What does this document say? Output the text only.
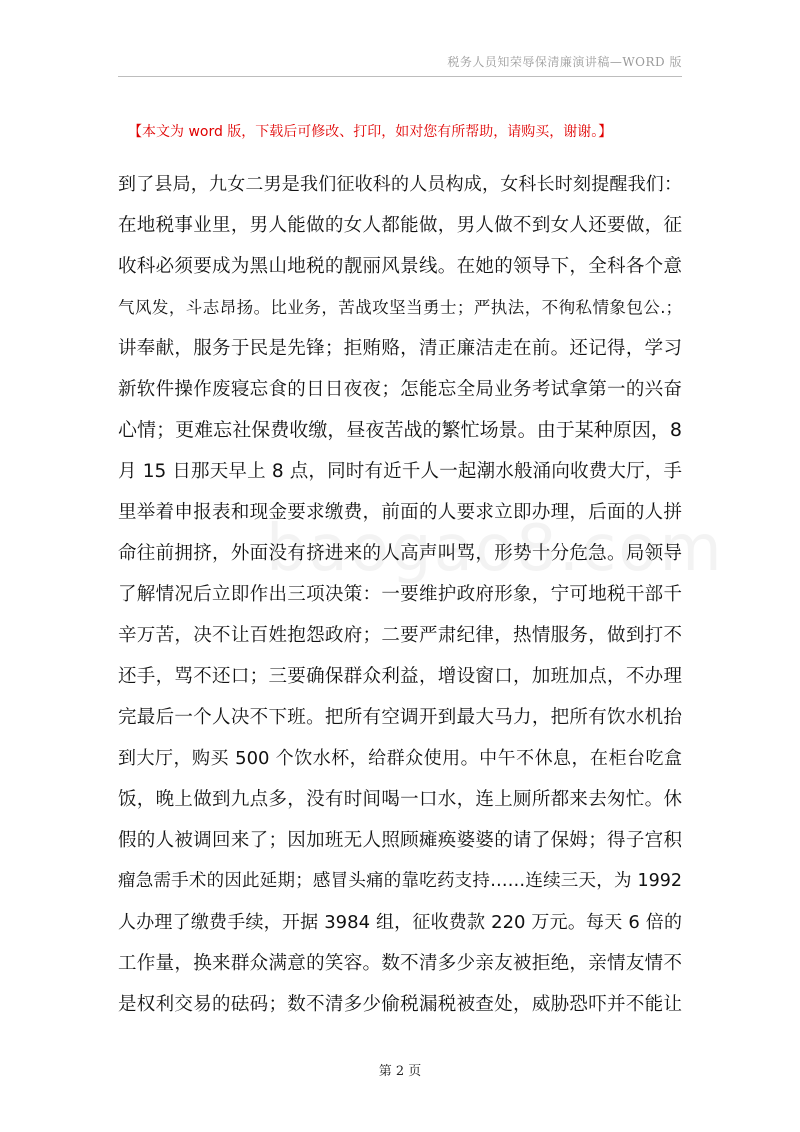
税务人员知荣辱保清廉演讲稿—WORD 版
【本文为 word 版，下载后可修改、打印，如对您有所帮助，请购买，谢谢。】
到了县局，九女二男是我们征收科的人员构成，女科长时刻提醒我们：
在地税事业里，男人能做的女人都能做，男人做不到女人还要做，征
收科必须要成为黑山地税的靓丽风景线。在她的领导下，全科各个意
气风发，斗志昂扬。比业务，苦战攻坚当勇士；严执法，不徇私情象包公.；
讲奉献，服务于民是先锋；拒贿赂，清正廉洁走在前。还记得，学习
新软件操作废寝忘食的日日夜夜；怎能忘全局业务考试拿第一的兴奋
心情；更难忘社保费收缴，昼夜苦战的繁忙场景。由于某种原因，8
月 15 日那天早上 8 点，同时有近千人一起潮水般涌向收费大厅，手
里举着申报表和现金要求缴费，前面的人要求立即办理，后面的人拼
命往前拥挤，外面没有挤进来的人高声叫骂，形势十分危急。局领导
了解情况后立即作出三项决策：一要维护政府形象，宁可地税干部千
辛万苦，决不让百姓抱怨政府；二要严肃纪律，热情服务，做到打不
还手，骂不还口；三要确保群众利益，增设窗口，加班加点，不办理
完最后一个人决不下班。把所有空调开到最大马力，把所有饮水机抬
到大厅，购买 500 个饮水杯，给群众使用。中午不休息，在柜台吃盒
饭，晚上做到九点多，没有时间喝一口水，连上厕所都来去匆忙。休
假的人被调回来了；因加班无人照顾瘫痪婆婆的请了保姆；得子宫积
瘤急需手术的因此延期；感冒头痛的靠吃药支持……连续三天，为 1992
人办理了缴费手续，开据 3984 组，征收费款 220 万元。每天 6 倍的
工作量，换来群众满意的笑容。数不清多少亲友被拒绝，亲情友情不
是权利交易的砝码；数不清多少偷税漏税被查处，威胁恐吓并不能让
第 2 页
